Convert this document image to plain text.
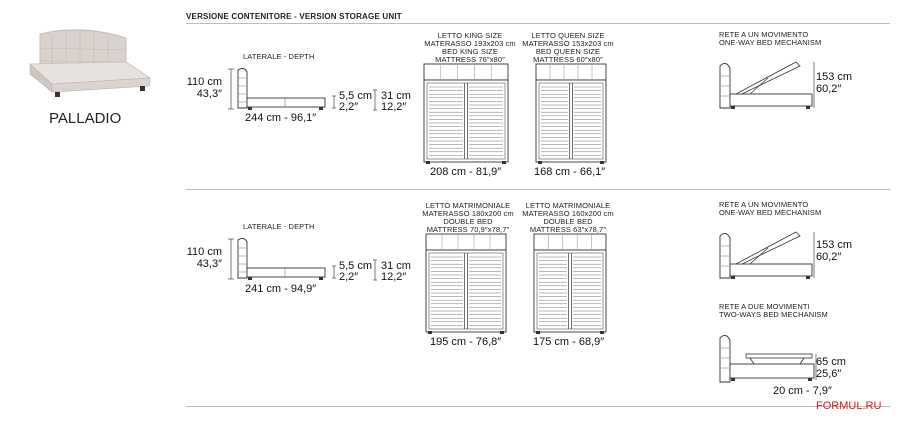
VERSIONE CONTENITORE - VERSION STORAGE UNIT
PALLADIO
LATERALE - DEPTH
110 cm
43,3″
244 cm - 96,1″
5,5 cm
2,2″
31 cm
12,2″
LETTO KING SIZE
MATERASSO 193x203 cm
BED KING SIZE
MATTRESS 76″x80″
208 cm - 81,9″
LETTO QUEEN SIZE
MATERASSO 153x203 cm
BED QUEEN SIZE
MATTRESS 60″x80″
168 cm - 66,1″
RETE A UN MOVIMENTO
ONE-WAY BED MECHANISM
153 cm
60,2″
LATERALE - DEPTH
110 cm
43,3″
241 cm - 94,9″
5,5 cm
2,2″
31 cm
12,2″
LETTO MATRIMONIALE
MATERASSO 180x200 cm
DOUBLE BED
MATTRESS 70,9″x78,7″
195 cm - 76,8″
LETTO MATRIMONIALE
MATERASSO 160x200 cm
DOUBLE BED
MATTRESS 63″x78,7″
175 cm - 68,9″
RETE A UN MOVIMENTO
ONE-WAY BED MECHANISM
153 cm
60,2″
RETE A DUE MOVIMENTI
TWO-WAYS BED MECHANISM
65 cm
25,6″
20 cm - 7,9″
FORMUL.RU
